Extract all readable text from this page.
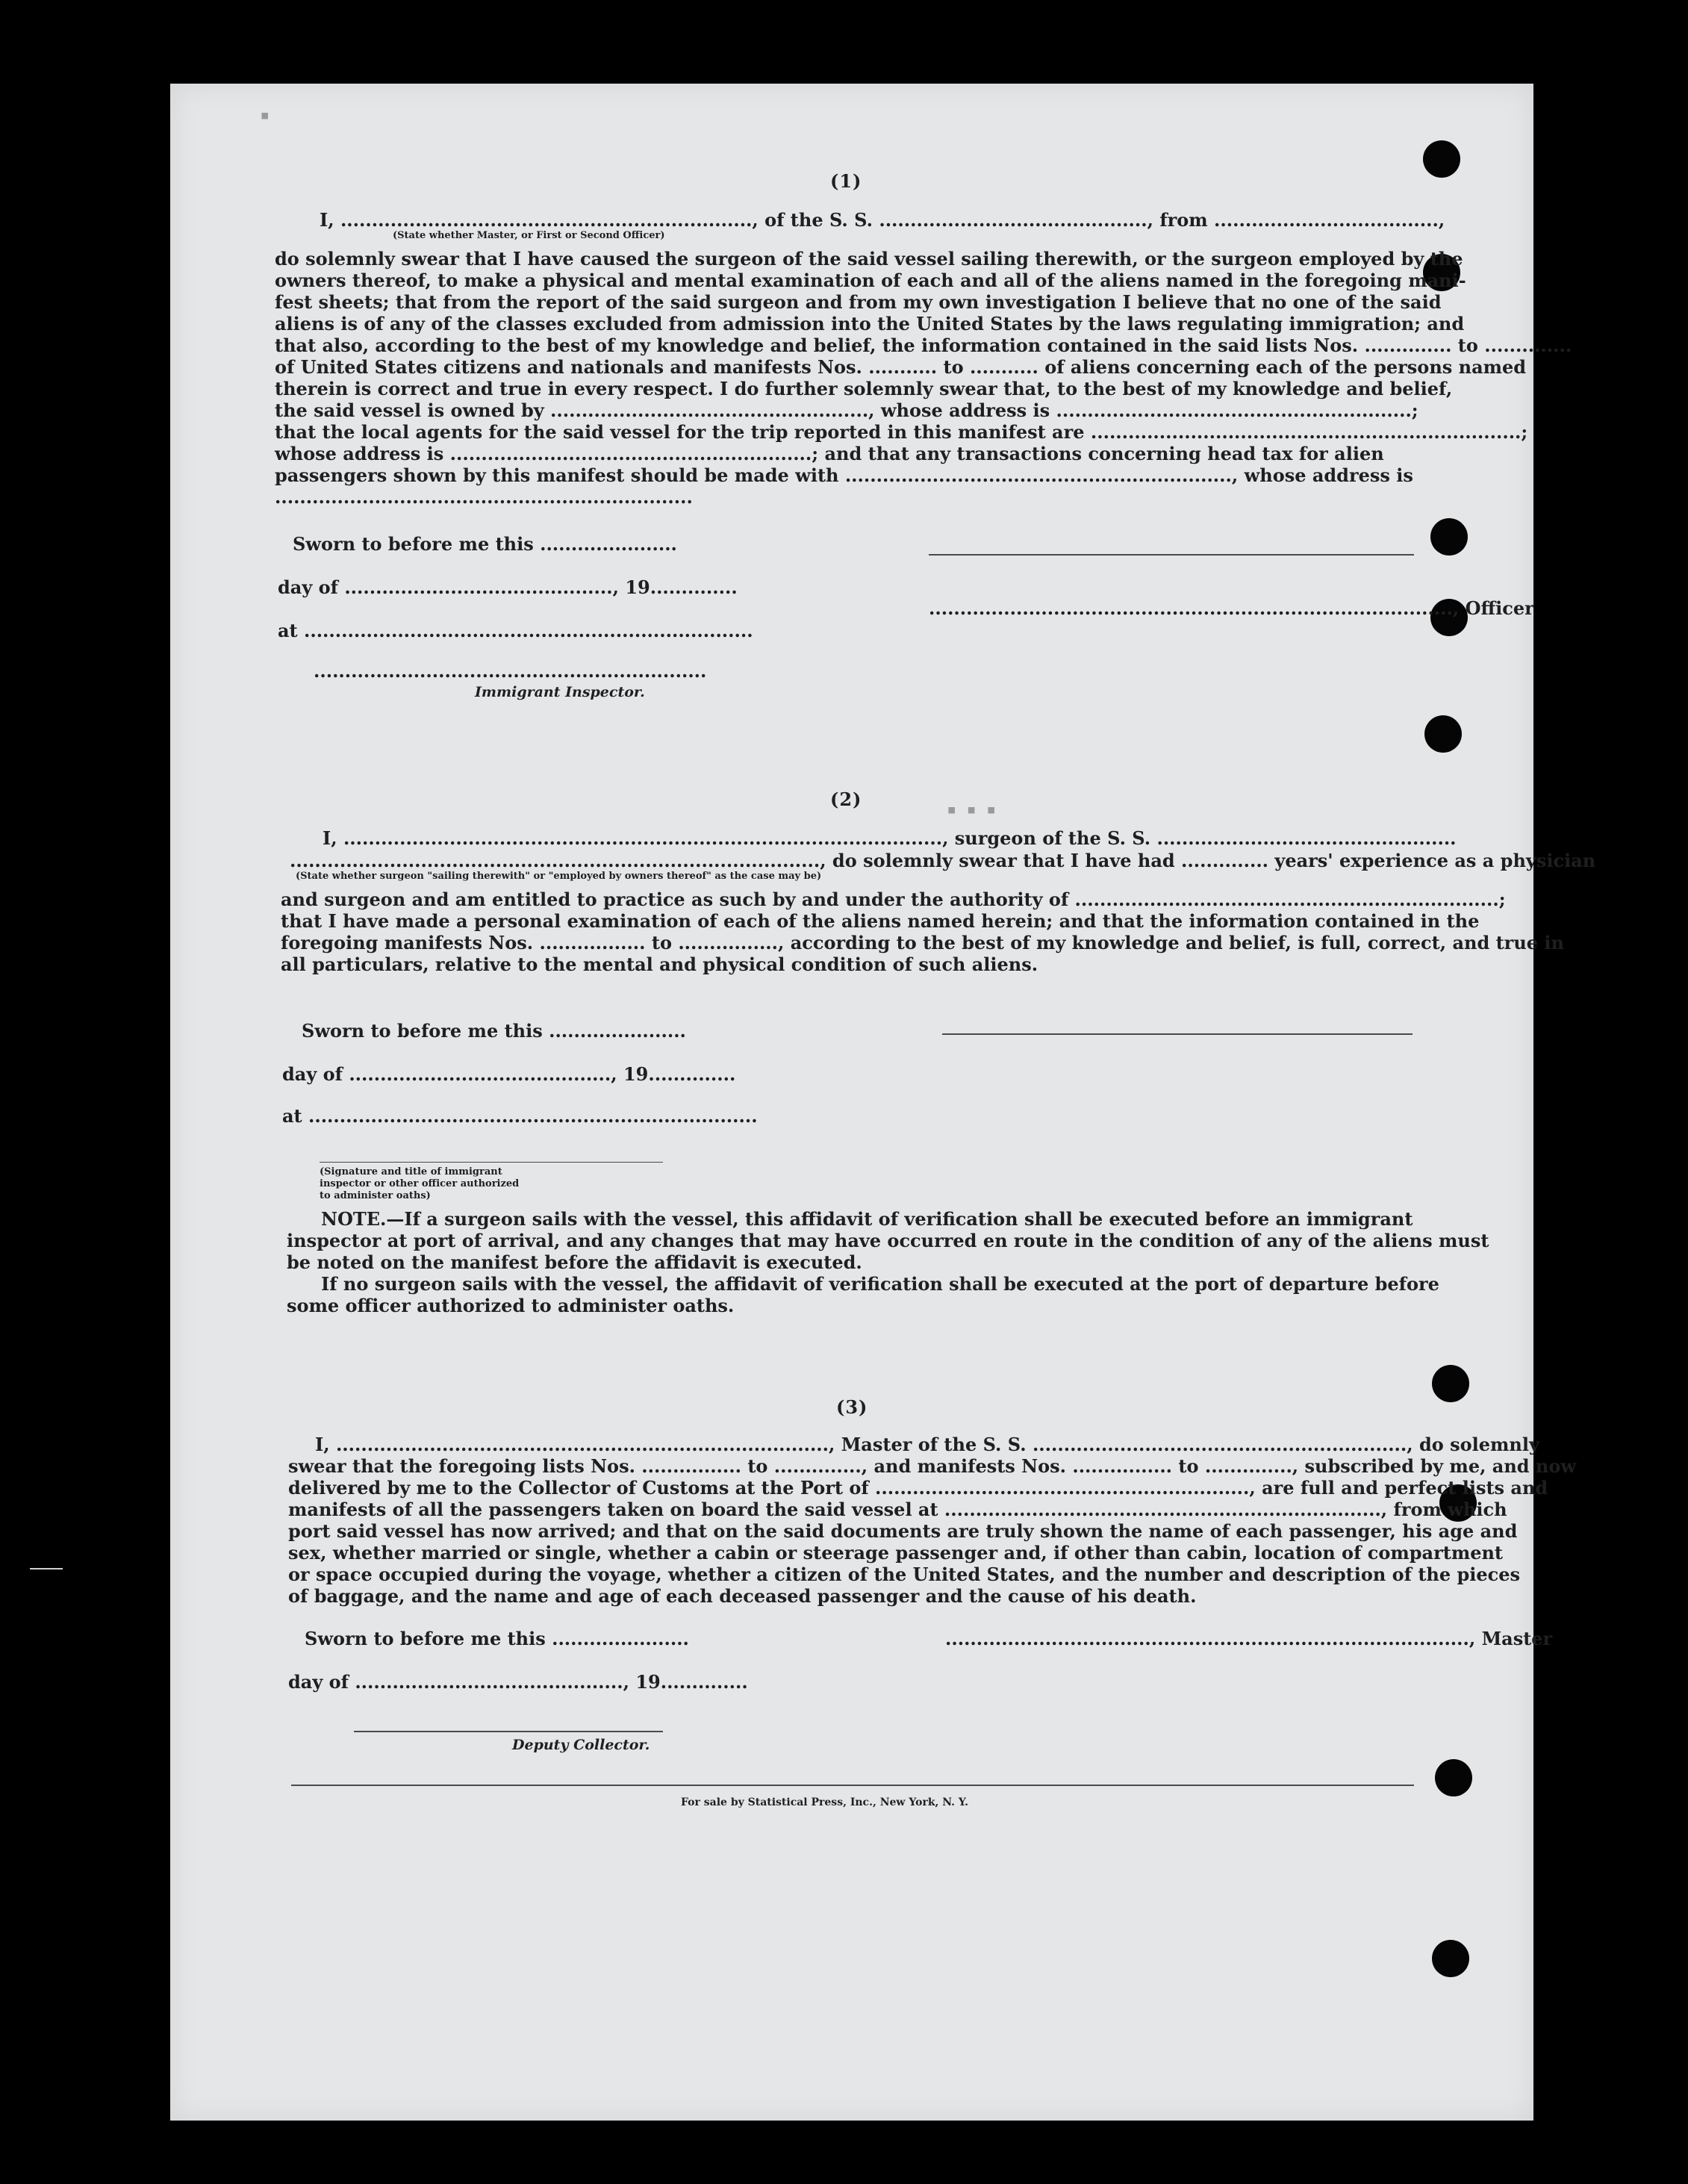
▪
▪ ▪ ▪
(1)
I, .................................................................., of the S. S. ..........................................., from ....................................,
(State whether Master, or First or Second Officer)
do solemnly swear that I have caused the surgeon of the said vessel sailing therewith, or the surgeon employed by the
owners thereof, to make a physical and mental examination of each and all of the aliens named in the foregoing mani-
fest sheets; that from the report of the said surgeon and from my own investigation I believe that no one of the said
aliens is of any of the classes excluded from admission into the United States by the laws regulating immigration; and
that also, according to the best of my knowledge and belief, the information contained in the said lists Nos. .............. to ..............
of United States citizens and nationals and manifests Nos. ........... to ........... of aliens concerning each of the persons named
therein is correct and true in every respect. I do further solemnly swear that, to the best of my knowledge and belief,
the said vessel is owned by ..................................................., whose address is .........................................................;
that the local agents for the said vessel for the trip reported in this manifest are .....................................................................;
whose address is ..........................................................; and that any transactions concerning head tax for alien
passengers shown by this manifest should be made with .............................................................., whose address is
...................................................................
Sworn to before me this ......................
day of ..........................................., 19..............
at ........................................................................
...............................................................
Immigrant Inspector.
...................................................................................., Officer
(2)
I, ................................................................................................, surgeon of the S. S. ................................................
....................................................................................., do solemnly swear that I have had .............. years' experience as a physician
(State whether surgeon "sailing therewith" or "employed by owners thereof" as the case may be)
and surgeon and am entitled to practice as such by and under the authority of ....................................................................;
that I have made a personal examination of each of the aliens named herein; and that the information contained in the
foregoing manifests Nos. ................. to ................, according to the best of my knowledge and belief, is full, correct, and true in
all particulars, relative to the mental and physical condition of such aliens.
Sworn to before me this ......................
day of .........................................., 19..............
at ........................................................................
(Signature and title of immigrant inspector or other officer authorized to administer oaths)
NOTE.—If a surgeon sails with the vessel, this affidavit of verification shall be executed before an immigrant
inspector at port of arrival, and any changes that may have occurred en route in the condition of any of the aliens must
be noted on the manifest before the affidavit is executed.
If no surgeon sails with the vessel, the affidavit of verification shall be executed at the port of departure before
some officer authorized to administer oaths.
(3)
I, ..............................................................................., Master of the S. S. ............................................................, do solemnly
swear that the foregoing lists Nos. ................ to .............., and manifests Nos. ................ to .............., subscribed by me, and now
delivered by me to the Collector of Customs at the Port of ............................................................, are full and perfect lists and
manifests of all the passengers taken on board the said vessel at ......................................................................, from which
port said vessel has now arrived; and that on the said documents are truly shown the name of each passenger, his age and
sex, whether married or single, whether a cabin or steerage passenger and, if other than cabin, location of compartment
or space occupied during the voyage, whether a citizen of the United States, and the number and description of the pieces
of baggage, and the name and age of each deceased passenger and the cause of his death.
Sworn to before me this ......................
day of ..........................................., 19..............
Deputy Collector.
...................................................................................., Master
For sale by Statistical Press, Inc., New York, N. Y.
